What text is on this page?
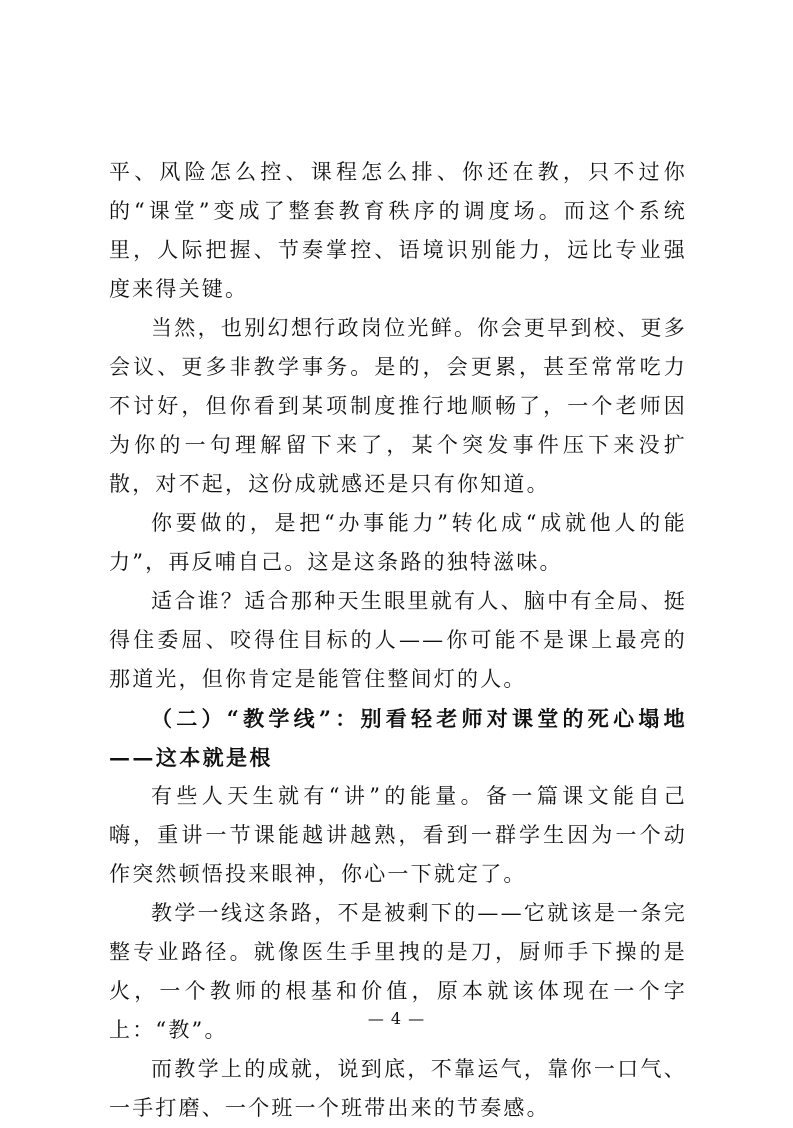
平、风险怎么控、课程怎么排、你还在教，只不过你的“课堂”变成了整套教育秩序的调度场。而这个系统里，人际把握、节奏掌控、语境识别能力，远比专业强度来得关键。

当然，也别幻想行政岗位光鲜。你会更早到校、更多会议、更多非教学事务。是的，会更累，甚至常常吃力不讨好，但你看到某项制度推行地顺畅了，一个老师因为你的一句理解留下来了，某个突发事件压下来没扩散，对不起，这份成就感还是只有你知道。

你要做的，是把“办事能力”转化成“成就他人的能力”，再反哺自己。这是这条路的独特滋味。

适合谁？适合那种天生眼里就有人、脑中有全局、挺得住委屈、咬得住目标的人——你可能不是课上最亮的那道光，但你肯定是能管住整间灯的人。

（二）“教学线”：别看轻老师对课堂的死心塌地——这本就是根

有些人天生就有“讲”的能量。备一篇课文能自己嗨，重讲一节课能越讲越熟，看到一群学生因为一个动作突然顿悟投来眼神，你心一下就定了。

教学一线这条路，不是被剩下的——它就该是一条完整专业路径。就像医生手里拽的是刀，厨师手下操的是火，一个教师的根基和价值，原本就该体现在一个字上：“教”。

而教学上的成就，说到底，不靠运气，靠你一口气、一手打磨、一个班一个班带出来的节奏感。

— 4 —
